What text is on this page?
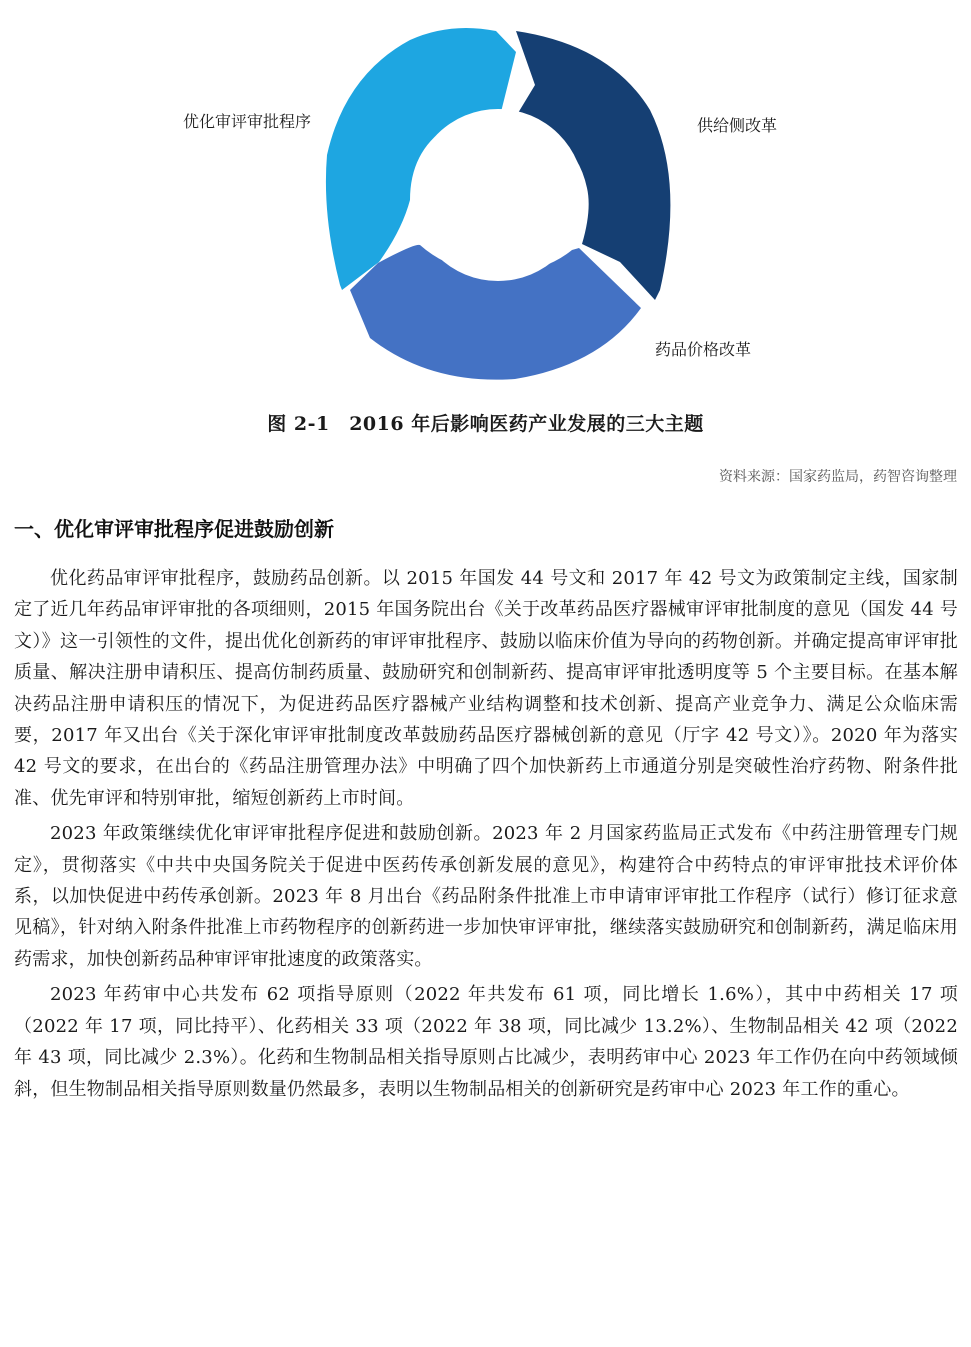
优化审评审批程序	供给侧改革
药品价格改革
图 2-1　2016 年后影响医药产业发展的三大主题
资料来源：国家药监局，药智咨询整理
一、优化审评审批程序促进鼓励创新

优化药品审评审批程序，鼓励药品创新。以 2015 年国发 44 号文和 2017 年 42 号文为政策制定主线，国家制定了近几年药品审评审批的各项细则，2015 年国务院出台《关于改革药品医疗器械审评审批制度的意见（国发 44 号文）》这一引领性的文件，提出优化创新药的审评审批程序、鼓励以临床价值为导向的药物创新。并确定提高审评审批质量、解决注册申请积压、提高仿制药质量、鼓励研究和创制新药、提高审评审批透明度等 5 个主要目标。在基本解决药品注册申请积压的情况下，为促进药品医疗器械产业结构调整和技术创新、提高产业竞争力、满足公众临床需要，2017 年又出台《关于深化审评审批制度改革鼓励药品医疗器械创新的意见（厅字 42 号文）》。2020 年为落实 42 号文的要求，在出台的《药品注册管理办法》中明确了四个加快新药上市通道分别是突破性治疗药物、附条件批准、优先审评和特别审批，缩短创新药上市时间。

2023 年政策继续优化审评审批程序促进和鼓励创新。2023 年 2 月国家药监局正式发布《中药注册管理专门规定》，贯彻落实《中共中央国务院关于促进中医药传承创新发展的意见》，构建符合中药特点的审评审批技术评价体系，以加快促进中药传承创新。2023 年 8 月出台《药品附条件批准上市申请审评审批工作程序（试行）修订征求意见稿》，针对纳入附条件批准上市药物程序的创新药进一步加快审评审批，继续落实鼓励研究和创制新药，满足临床用药需求，加快创新药品种审评审批速度的政策落实。

2023 年药审中心共发布 62 项指导原则（2022 年共发布 61 项，同比增长 1.6%），其中中药相关 17 项（2022 年 17 项，同比持平）、化药相关 33 项（2022 年 38 项，同比减少 13.2%）、生物制品相关 42 项（2022 年 43 项，同比减少 2.3%）。化药和生物制品相关指导原则占比减少，表明药审中心 2023 年工作仍在向中药领域倾斜，但生物制品相关指导原则数量仍然最多，表明以生物制品相关的创新研究是药审中心 2023 年工作的重心。
